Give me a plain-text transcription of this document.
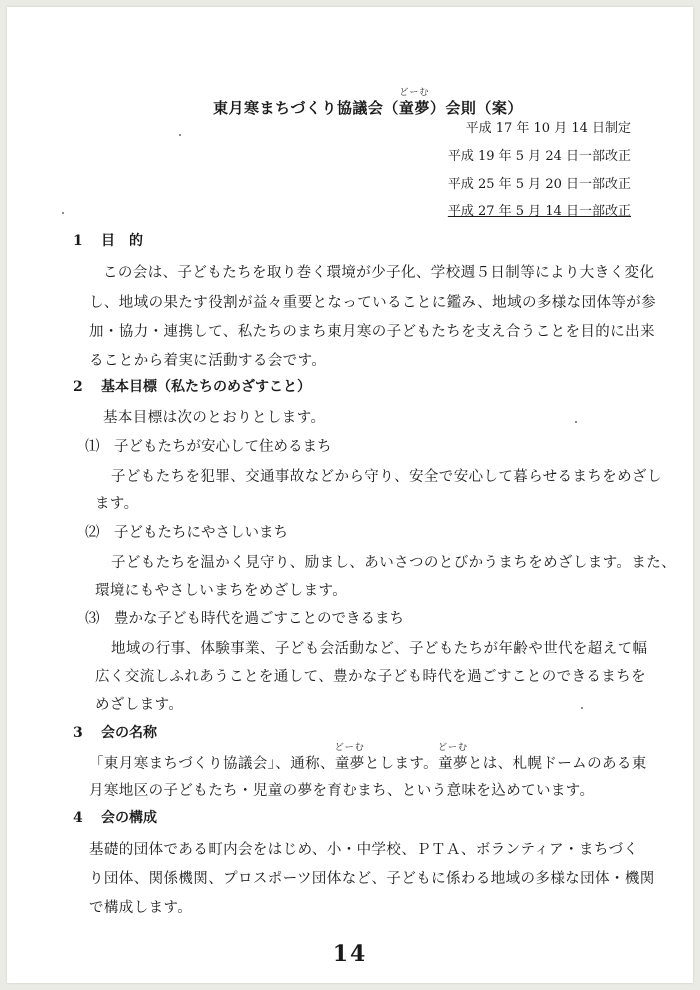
東月寒まちづくり協議会（
どーむ
童夢）会則（案）
平成 17 年 10 月 14 日制定
平成 19 年 5 月 24 日一部改正
平成 25 年 5 月 20 日一部改正
平成 27 年 5 月 14 日一部改正
1 目　的
この会は、子どもたちを取り巻く環境が少子化、学校週５日制等により大きく変化
し、地域の果たす役割が益々重要となっていることに鑑み、地域の多様な団体等が参
加・協力・連携して、私たちのまち東月寒の子どもたちを支え合うことを目的に出来
ることから着実に活動する会です。
2 基本目標（私たちのめざすこと）
基本目標は次のとおりとします。
⑴　子どもたちが安心して住めるまち
子どもたちを犯罪、交通事故などから守り、安全で安心して暮らせるまちをめざし
ます。
⑵　子どもたちにやさしいまち
子どもたちを温かく見守り、励まし、あいさつのとびかうまちをめざします。また、
環境にもやさしいまちをめざします。
⑶　豊かな子ども時代を過ごすことのできるまち
地域の行事、体験事業、子ども会活動など、子どもたちが年齢や世代を超えて幅
広く交流しふれあうことを通して、豊かな子ども時代を過ごすことのできるまちを
めざします。
3 会の名称
「東月寒まちづくり協議会」、通称、
どーむ
童夢とします。
どーむ
童夢とは、札幌ドームのある東
月寒地区の子どもたち・児童の夢を育むまち、という意味を込めています。
4 会の構成
基礎的団体である町内会をはじめ、小・中学校、ＰＴＡ、ボランティア・まちづく
り団体、関係機関、プロスポーツ団体など、子どもに係わる地域の多様な団体・機関
で構成します。
14
